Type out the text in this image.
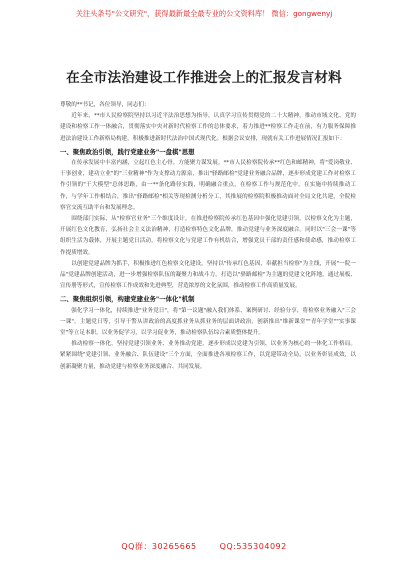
关注头条号"公文研究"，获得最新最全最专业的公文资料库！ 微信：gongwenyj
在全市法治建设工作推进会上的汇报发言材料

尊敬的**书记，各位领导，同志们：

近年来，**市人民检察院坚持以习近平法治思想为指导，认真学习宣传贯彻党的二十大精神，推动市域文化、党的建设和检察工作一体融合，贯彻落实中央对新时代检察工作的总体要求，着力推进**检察工作走在前，有力服务保障推进法治建设工作新格局构建，积极推进新时代法治中国式现代化。根据会议安排，现就有关工作进展情况汇报如下：

一、聚焦政治引领，践行党建业务"一盘棋"思想

在传承发展中丰富内涵，立起红色主心骨。方能聚力谋发展。**市人民检察院传承**红色和邮精神，将"爱岗敬业、干事创业，建功立业"的"三业精神"作为支撑动力源泉，推出"驿路邮检"党建业务融合品牌，逐步形成党建工作对检察工作引领的"干大模型"总体思路，由一**条化路径实践，明确融合重点，在检察工作与规范化中，在实施中持续推动工作，与学年工作相结合，推出"驿路邮检"相关等现检测分析分工，其推展的检察院积极推动面对全局文化共建，全院检察官交流互助平台和发展理念。

围绕部门实际，从"检察官业务"三个维度设计，在推进检察院传承红色基因中强化党建引领。以检察文化为主题，开展红色文化教育，弘扬社会主义法治精神，打造检察特色文化品牌，推动党建与业务深度融合。同时以"三会一课"等组织生活为载体，开展主题党日活动，将检察文化与党建工作有机结合，增强党员干部的责任感和使命感，推动检察工作提质增效。

以创建党建品牌为抓手，积极推进红色检察文化建设。坚持以"传承红色基因，奉献担当检察"为主线，开展"一院一品"党建品牌创建活动，进一步增强检察队伍的凝聚力和战斗力。打造以"驿路邮检"为主题的党建文化阵地，通过展板、宣传册等形式，宣传检察工作成效和先进典型，营造浓厚的文化氛围，推动检察工作高质量发展。

二、聚焦组织引领，构建党建业务"一体化"机制

强化学习一体化，持续推进"业务党日"，将"第一议题"融入我们体系、案例研讨、经验分享，将检察业务融入"三会一课"，主题党日等，引导干警从讲政治的高度抓业务从抓业务的层面讲政治，创新推出"维新课堂""青年学堂""实事课堂"等立足本职，以业务促学习，以学习促业务，推动检察队伍综合素质整体提升。

推动检察一体化，坚持党建引领业务、业务推动党建，逐步形成以党建为引领、以业务为核心的一体化工作格局。紧紧围绕"党建引领、业务融合、队伍建设"三个方面，全面推进各项检察工作，以党建带动全局，以业务彰显成效，以创新凝聚力量，推动党建与检察业务深度融合、共同发展。

QQ群：30265665	QQ:535304092
